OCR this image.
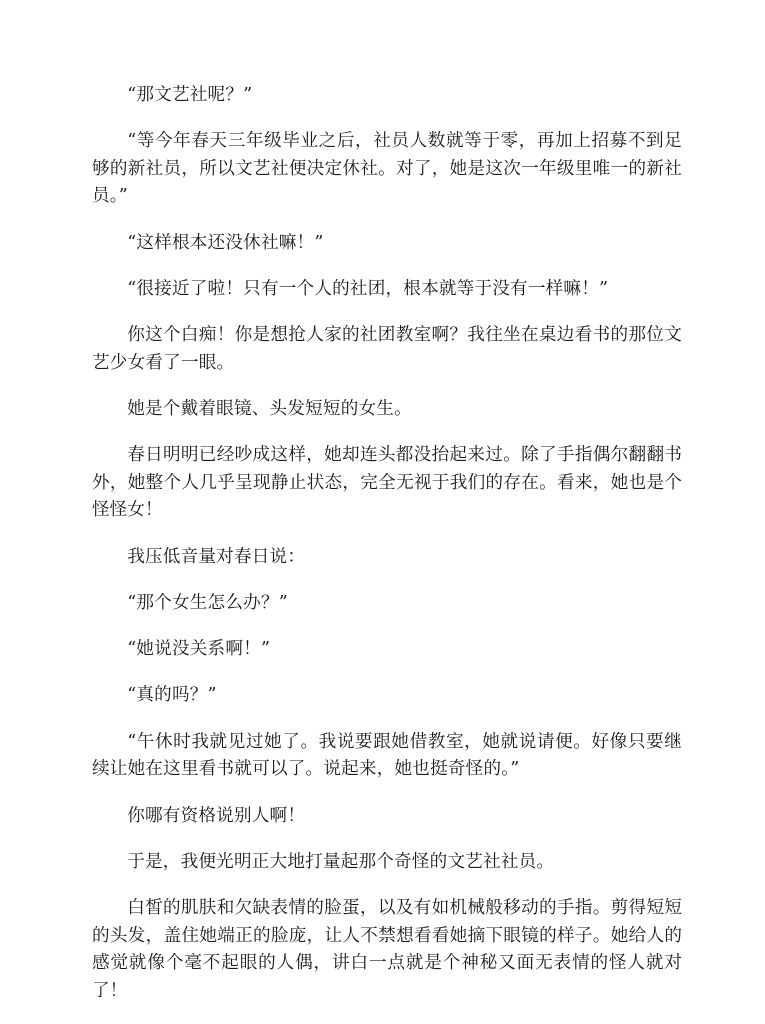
“那文艺社呢？”

“等今年春天三年级毕业之后，社员人数就等于零，再加上招募不到足够的新社员，所以文艺社便决定休社。对了，她是这次一年级里唯一的新社员。”

“这样根本还没休社嘛！”

“很接近了啦！只有一个人的社团，根本就等于没有一样嘛！”

你这个白痴！你是想抢人家的社团教室啊？我往坐在桌边看书的那位文艺少女看了一眼。

她是个戴着眼镜、头发短短的女生。

春日明明已经吵成这样，她却连头都没抬起来过。除了手指偶尔翻翻书外，她整个人几乎呈现静止状态，完全无视于我们的存在。看来，她也是个怪怪女！

我压低音量对春日说：

“那个女生怎么办？”

“她说没关系啊！”

“真的吗？”

“午休时我就见过她了。我说要跟她借教室，她就说请便。好像只要继续让她在这里看书就可以了。说起来，她也挺奇怪的。”

你哪有资格说别人啊！

于是，我便光明正大地打量起那个奇怪的文艺社社员。

白皙的肌肤和欠缺表情的脸蛋，以及有如机械般移动的手指。剪得短短的头发，盖住她端正的脸庞，让人不禁想看看她摘下眼镜的样子。她给人的感觉就像个毫不起眼的人偶，讲白一点就是个神秘又面无表情的怪人就对了！
